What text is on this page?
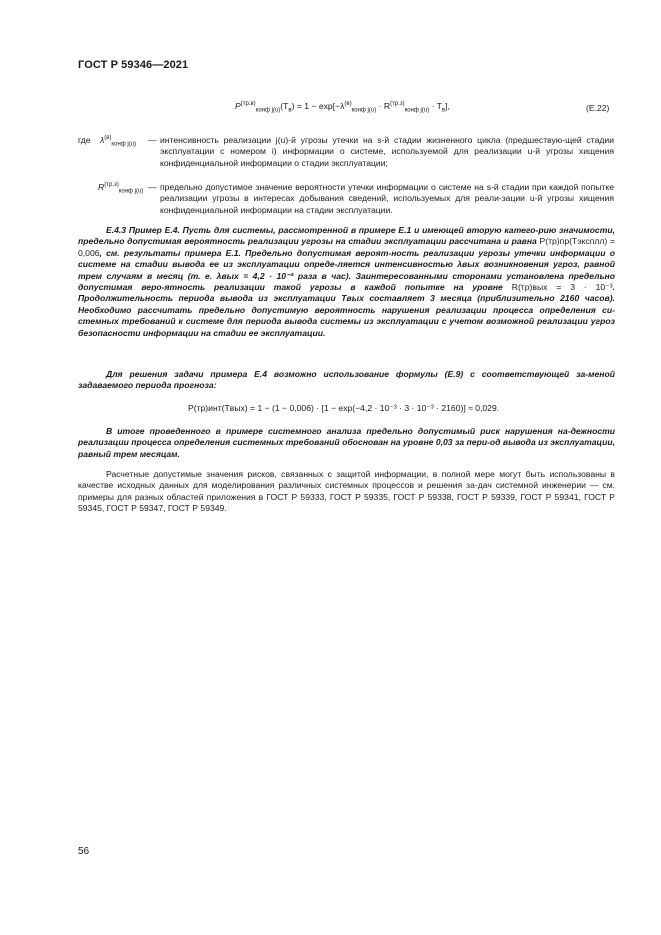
ГОСТ Р 59346—2021
$P^{(тр.в)}_{конф j(u)}(T_в) = 1 - \exp[-\lambda^{(в)}_{конф j(u)} \cdot R^{(тр.з)}_{конф j(u)} \cdot T_в]$,	(Е.22)
где $\lambda^{(в)}_{конф j(u)}$ — интенсивность реализации j(u)-й угрозы утечки на s-й стадии жизненного цикла (предшествую-щей стадии эксплуатации с номером i) информации о системе, используемой для реализации u-й угрозы хищения конфиденциальной информации о стадии эксплуатации;
$R^{(тр.з)}_{конф j(u)}$ — предельно допустимое значение вероятности утечки информации о системе на s-й стадии при каждой попытке реализации угрозы в интересах добывания сведений, используемых для реали-зации u-й угрозы хищения конфиденциальной информации на стадии эксплуатации.
Е.4.3 Пример Е.4. Пусть для системы, рассмотренной в примере Е.1 и имеющей вторую катего-рию значимости, предельно допустимая вероятность реализации угрозы на стадии эксплуатации рассчитана и равна P(тр)пр(Tэксплл) = 0,006, см. результаты примера Е.1. Предельно допустимая вероят-ность реализации угрозы утечки информации о системе на стадии вывода ее из эксплуатации опреде-ляется интенсивностью λвых возникновения угроз, равной трем случаям в месяц (т. е. λвых = 4,2 · 10⁻³ раза в час). Заинтересованными сторонами установлена предельно допустимая веро-ятность реализации такой угрозы в каждой попытке на уровне R(тр)вых = 3 · 10⁻³. Продолжительность периода вывода из эксплуатации Tвых составляет 3 месяца (приблизительно 2160 часов). Необходимо рассчитать предельно допустимую вероятность нарушения реализации процесса определения си-стемных требований к системе для периода вывода системы из эксплуатации с учетом возможной реализации угроз безопасности информации на стадии ее эксплуатации.
Для решения задачи примера Е.4 возможно использование формулы (Е.9) с соответствующей за-меной задаваемого периода прогноза:
P(тр)инт(Tвых) = 1 − (1 − 0,006) · [1 − exp(−4,2 · 10⁻³ · 3 · 10⁻³ · 2160)] ≈ 0,029.
В итоге проведенного в примере системного анализа предельно допустимый риск нарушения на-дежности реализации процесса определения системных требований обоснован на уровне 0,03 за пери-од вывода из эксплуатации, равный трем месяцам.
Расчетные допустимые значения рисков, связанных с защитой информации, в полной мере могут быть использованы в качестве исходных данных для моделирования различных системных процессов и решения за-дач системной инженерии — см. примеры для разных областей приложения в ГОСТ Р 59333, ГОСТ Р 59335, ГОСТ Р 59338, ГОСТ Р 59339, ГОСТ Р 59341, ГОСТ Р 59345, ГОСТ Р 59347, ГОСТ Р 59349.
56
